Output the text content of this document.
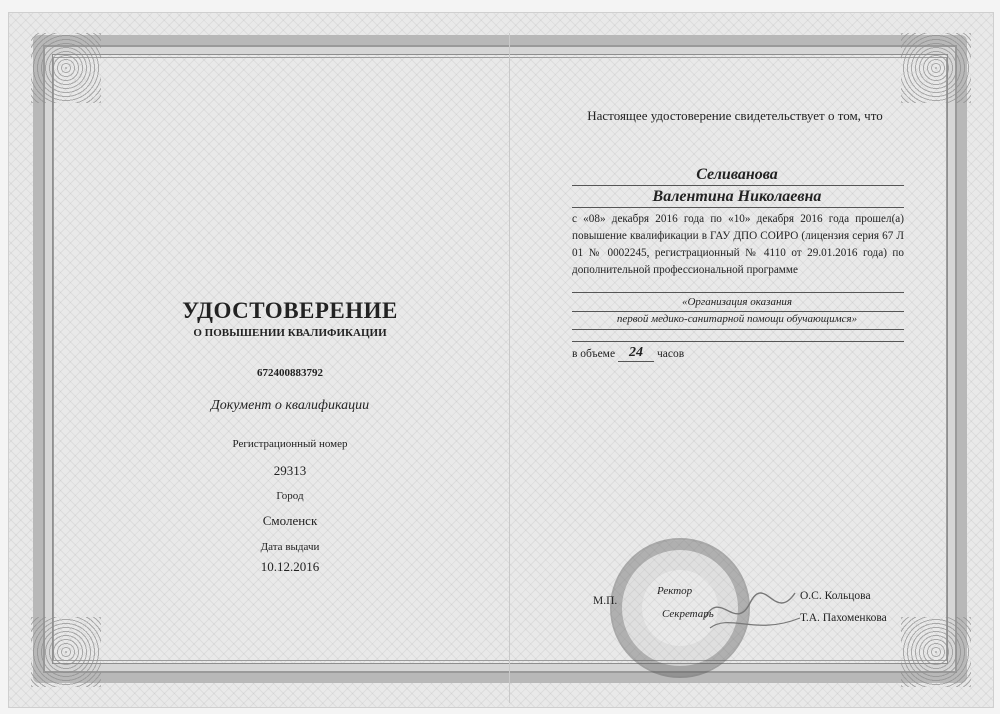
УДОСТОВЕРЕНИЕ
О ПОВЫШЕНИИ КВАЛИФИКАЦИИ
672400883792
Документ о квалификации
Регистрационный номер
29313
Город
Смоленск
Дата выдачи
10.12.2016
Настоящее удостоверение свидетельствует о том, что
Селиванова
Валентина Николаевна
с «08» декабря 2016 года по «10» декабря 2016 года прошел(а) повышение квалификации в ГАУ ДПО СОИРО (лицензия серия 67 Л 01 № 0002245, регистрационный № 4110 от 29.01.2016 года) по дополнительной профессиональной программе
«Организация оказания
первой медико-санитарной помощи обучающимся»
в объеме 24	часов
М.П.
Ректор
Секретарь
О.С. Кольцова
Т.А. Пахоменкова
